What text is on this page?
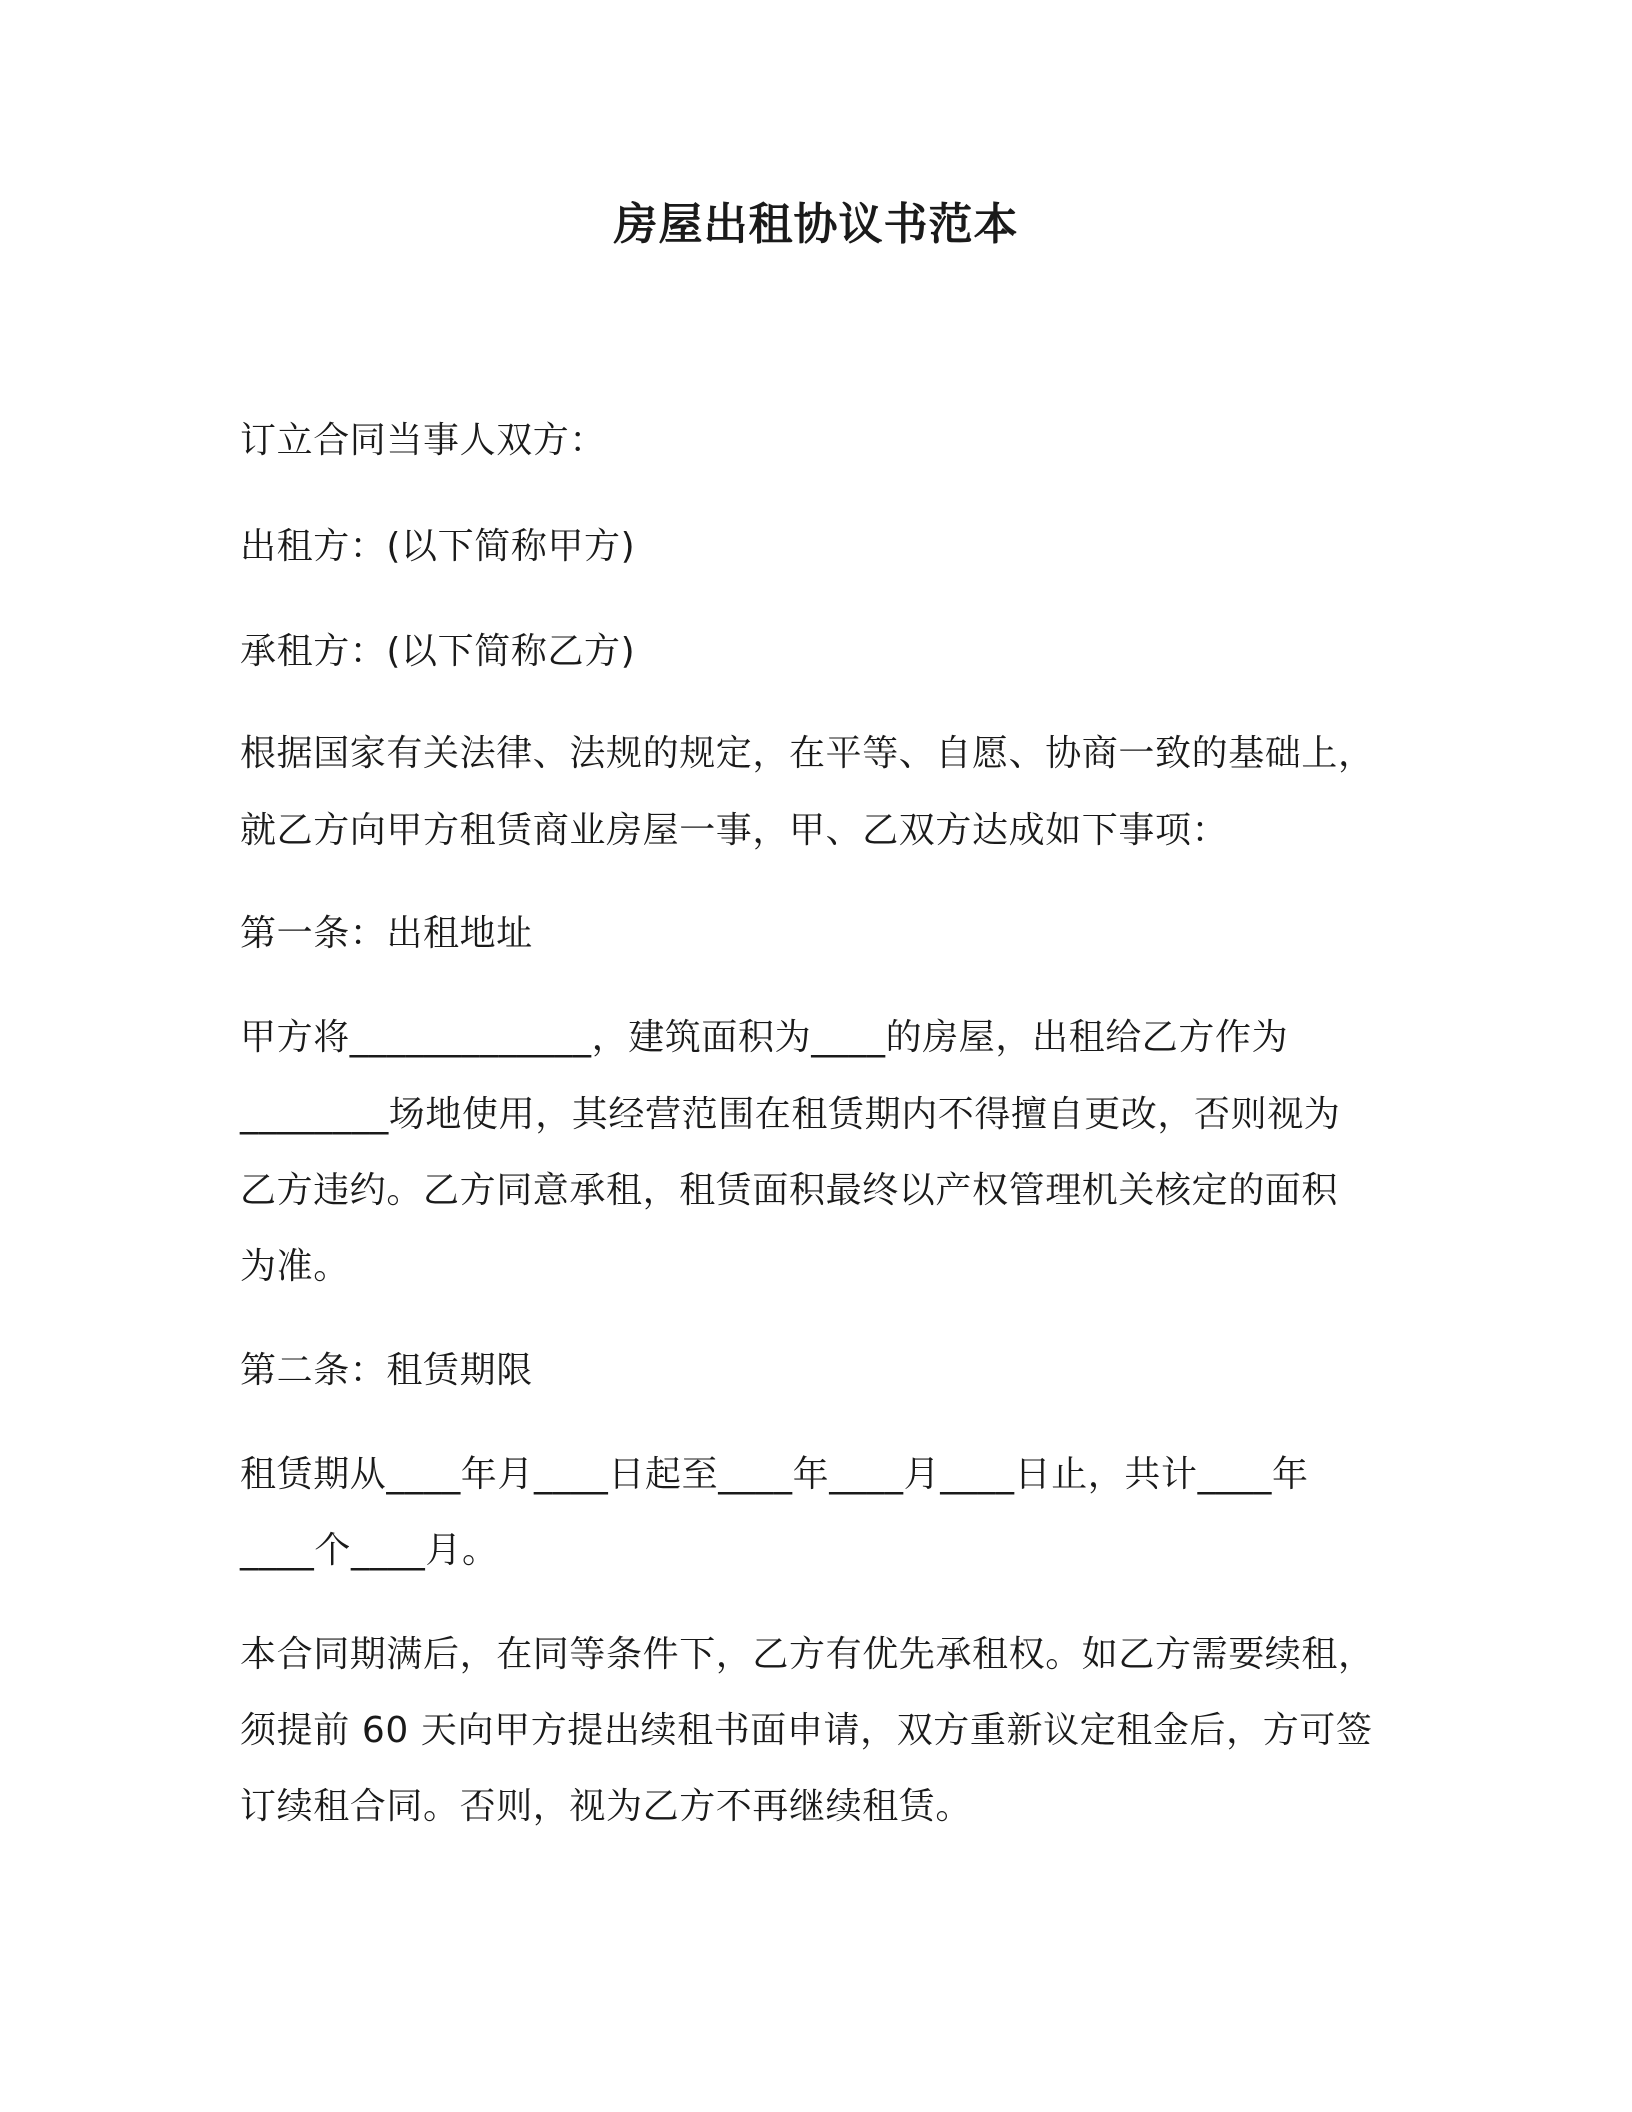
房屋出租协议书范本
订立合同当事人双方：
出租方：(以下简称甲方)
承租方：(以下简称乙方)
根据国家有关法律、法规的规定，在平等、自愿、协商一致的基础上，
就乙方向甲方租赁商业房屋一事，甲、乙双方达成如下事项：
第一条：出租地址
甲方将_____________，建筑面积为____的房屋，出租给乙方作为
________场地使用，其经营范围在租赁期内不得擅自更改，否则视为
乙方违约。乙方同意承租，租赁面积最终以产权管理机关核定的面积
为准。
第二条：租赁期限
租赁期从____年月____日起至____年____月____日止，共计____年
____个____月。
本合同期满后，在同等条件下，乙方有优先承租权。如乙方需要续租，
须提前 60 天向甲方提出续租书面申请，双方重新议定租金后，方可签
订续租合同。否则，视为乙方不再继续租赁。
